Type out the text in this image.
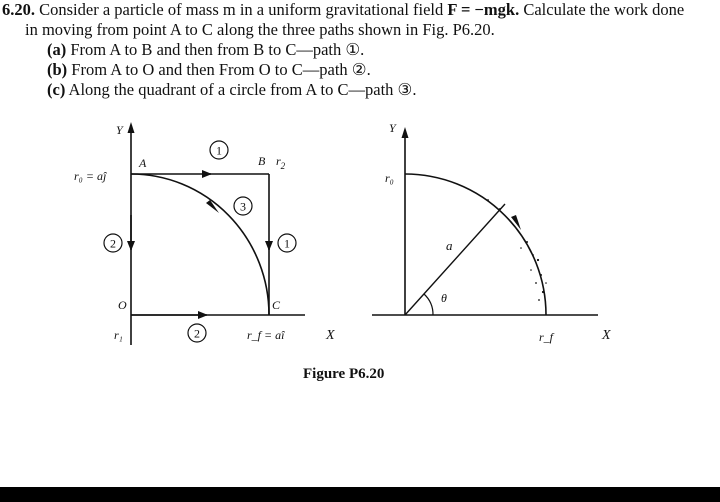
6.20. Consider a particle of mass m in a uniform gravitational field F = −mgk. Calculate the work done
in moving from point A to C along the three paths shown in Fig. P6.20.
(a) From A to B and then from B to C—path ①.
(b) From A to O and then From O to C—path ②.
(c) Along the quadrant of a circle from A to C—path ③.
Y
X
1
3
1
2
2
A	B $r_2$
C
O
r₀ = aĵ
r₁	r_f = aî
Y
X
a
θ
r₀
r_f
Figure P6.20
